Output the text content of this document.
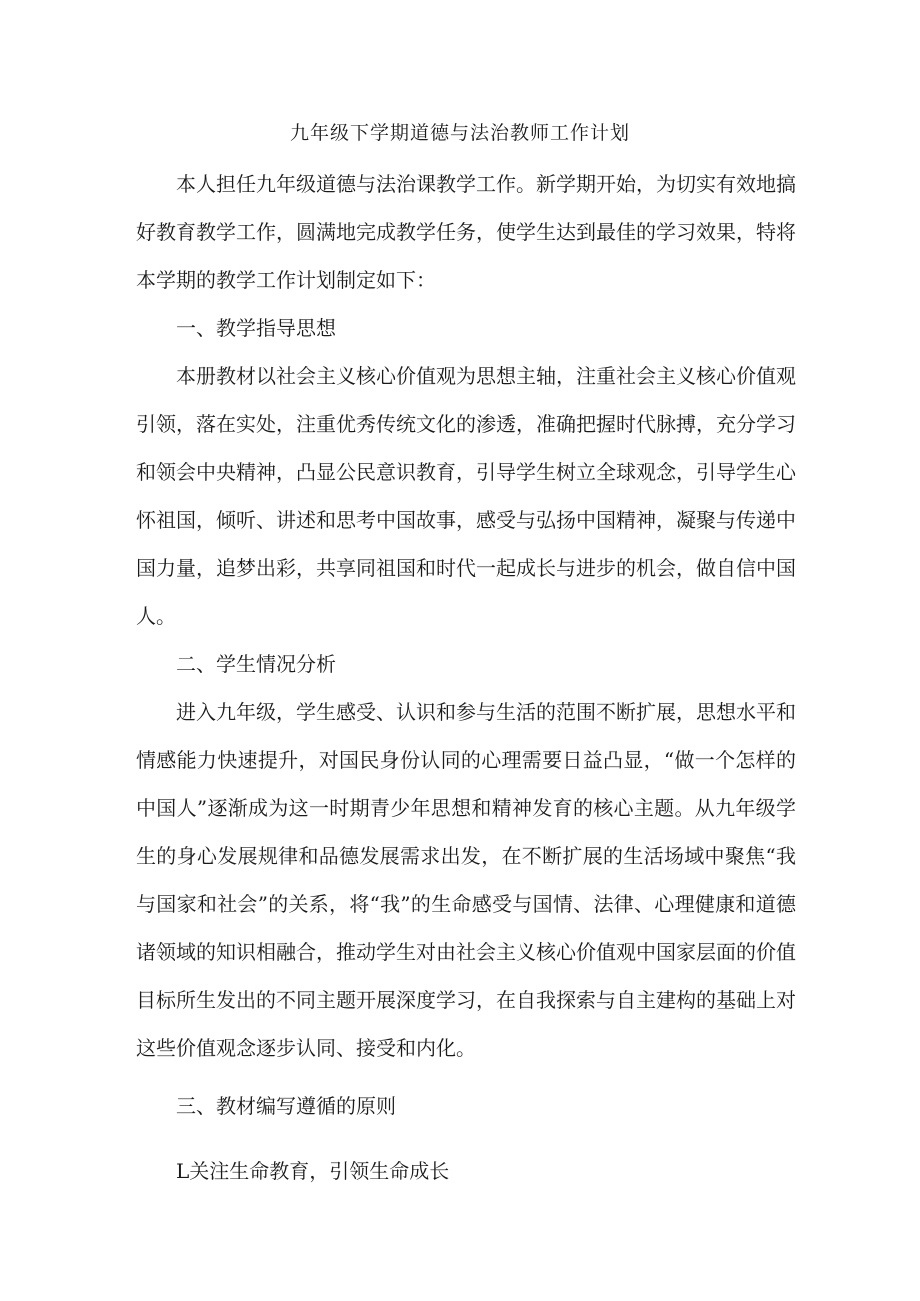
九年级下学期道德与法治教师工作计划

本人担任九年级道德与法治课教学工作。新学期开始，为切实有效地搞好教育教学工作，圆满地完成教学任务，使学生达到最佳的学习效果，特将本学期的教学工作计划制定如下：

一、教学指导思想

本册教材以社会主义核心价值观为思想主轴，注重社会主义核心价值观引领，落在实处，注重优秀传统文化的渗透，准确把握时代脉搏，充分学习和领会中央精神，凸显公民意识教育，引导学生树立全球观念，引导学生心怀祖国，倾听、讲述和思考中国故事，感受与弘扬中国精神，凝聚与传递中国力量，追梦出彩，共享同祖国和时代一起成长与进步的机会，做自信中国人。

二、学生情况分析

进入九年级，学生感受、认识和参与生活的范围不断扩展，思想水平和情感能力快速提升，对国民身份认同的心理需要日益凸显，“做一个怎样的中国人”逐渐成为这一时期青少年思想和精神发育的核心主题。从九年级学生的身心发展规律和品德发展需求出发，在不断扩展的生活场域中聚焦“我与国家和社会”的关系，将“我”的生命感受与国情、法律、心理健康和道德诸领域的知识相融合，推动学生对由社会主义核心价值观中国家层面的价值目标所生发出的不同主题开展深度学习，在自我探索与自主建构的基础上对这些价值观念逐步认同、接受和内化。

三、教材编写遵循的原则
L关注生命教育，引领生命成长
